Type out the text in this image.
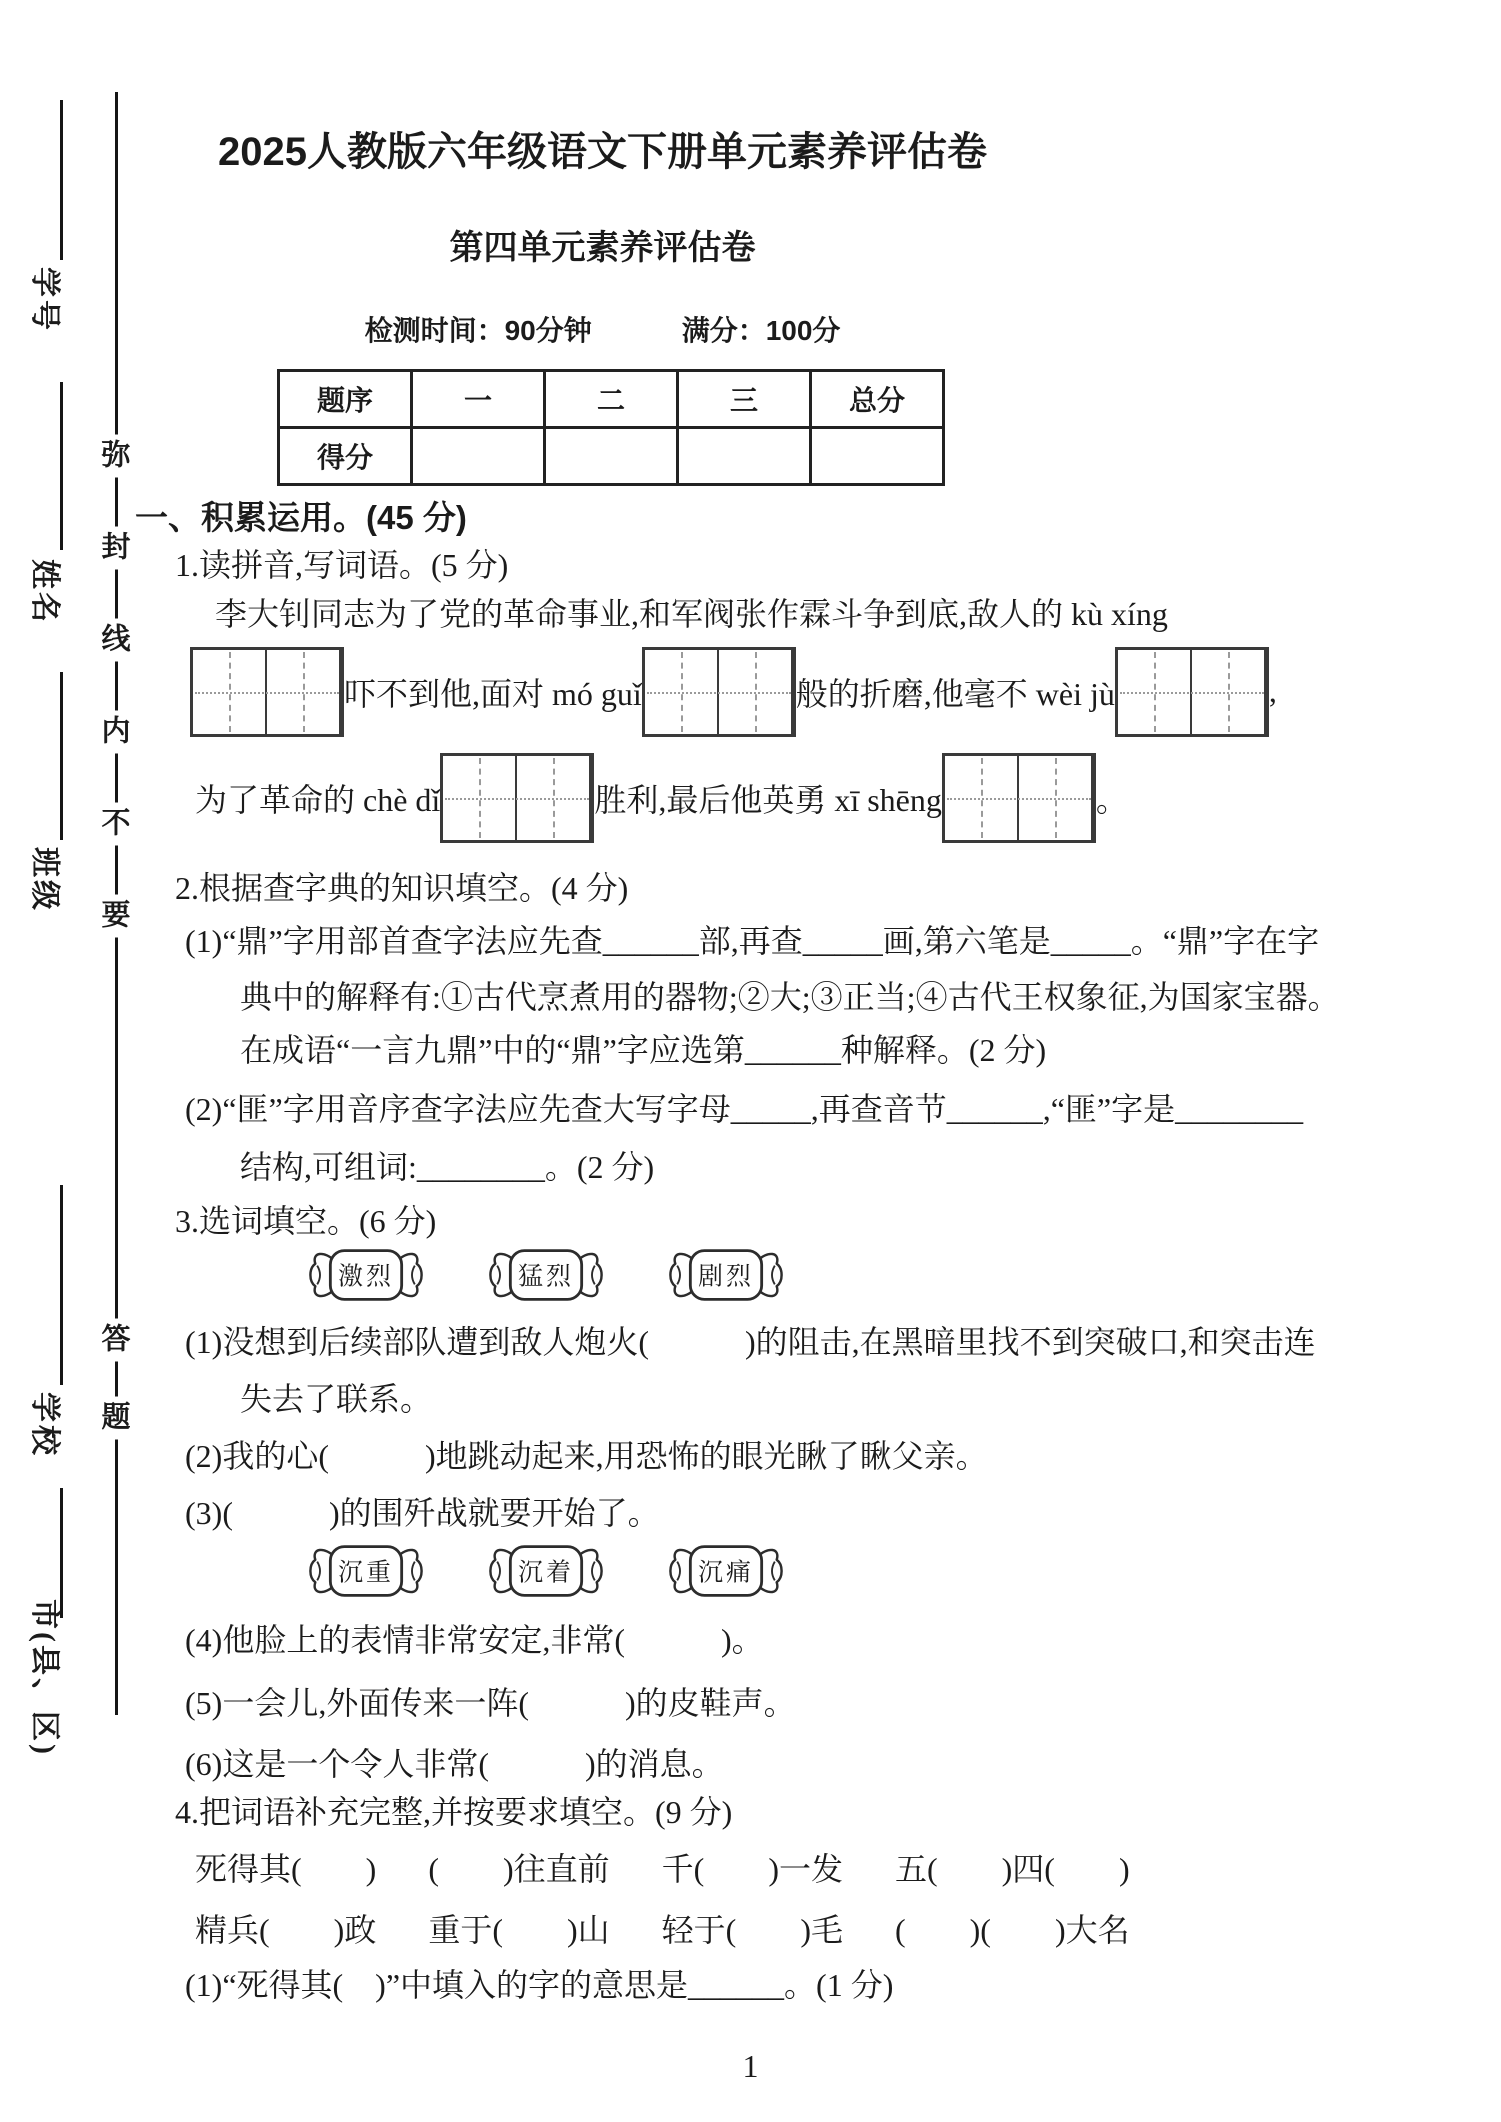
学号
姓名
班级
学校
市(县、区)
弥
封
线
内
不
要
答
题
2025人教版六年级语文下册单元素养评估卷
第四单元素养评估卷
检测时间：90分钟	满分：100分
题序	一	二	三	总分
得分				
一、积累运用。(45 分)
1.读拼音,写词语。(5 分)

李大钊同志为了党的革命事业,和军阀张作霖斗争到底,敌人的 kù xíng

吓不到他,面对 mó guǐ	般的折磨,他毫不 wèi jù	,
为了革命的 chè dǐ	胜利,最后他英勇 xī shēng	。
2.根据查字典的知识填空。(4 分)

(1)“鼎”字用部首查字法应先查______部,再查_____画,第六笔是_____。“鼎”字在字

典中的解释有:①古代烹煮用的器物;②大;③正当;④古代王权象征,为国家宝器。

在成语“一言九鼎”中的“鼎”字应选第______种解释。(2 分)

(2)“匪”字用音序查字法应先查大写字母_____,再查音节______,“匪”字是________

结构,可组词:________。(2 分)

3.选词填空。(6 分)
激烈	猛烈	剧烈

(1)没想到后续部队遭到敌人炮火(　　　)的阻击,在黑暗里找不到突破口,和突击连

失去了联系。

(2)我的心(　　　)地跳动起来,用恐怖的眼光瞅了瞅父亲。

(3)(　　　)的围歼战就要开始了。

沉重	沉着	沉痛

(4)他脸上的表情非常安定,非常(　　　)。

(5)一会儿,外面传来一阵(　　　)的皮鞋声。

(6)这是一个令人非常(　　　)的消息。

4.把词语补充完整,并按要求填空。(9 分)
死得其(　　) (　　)往直前 千(　　)一发 五(　　)四(　　)
精兵(　　)政 重于(　　)山 轻于(　　)毛 (　　)(　　)大名

(1)“死得其(　)”中填入的字的意思是______。(1 分)

1
